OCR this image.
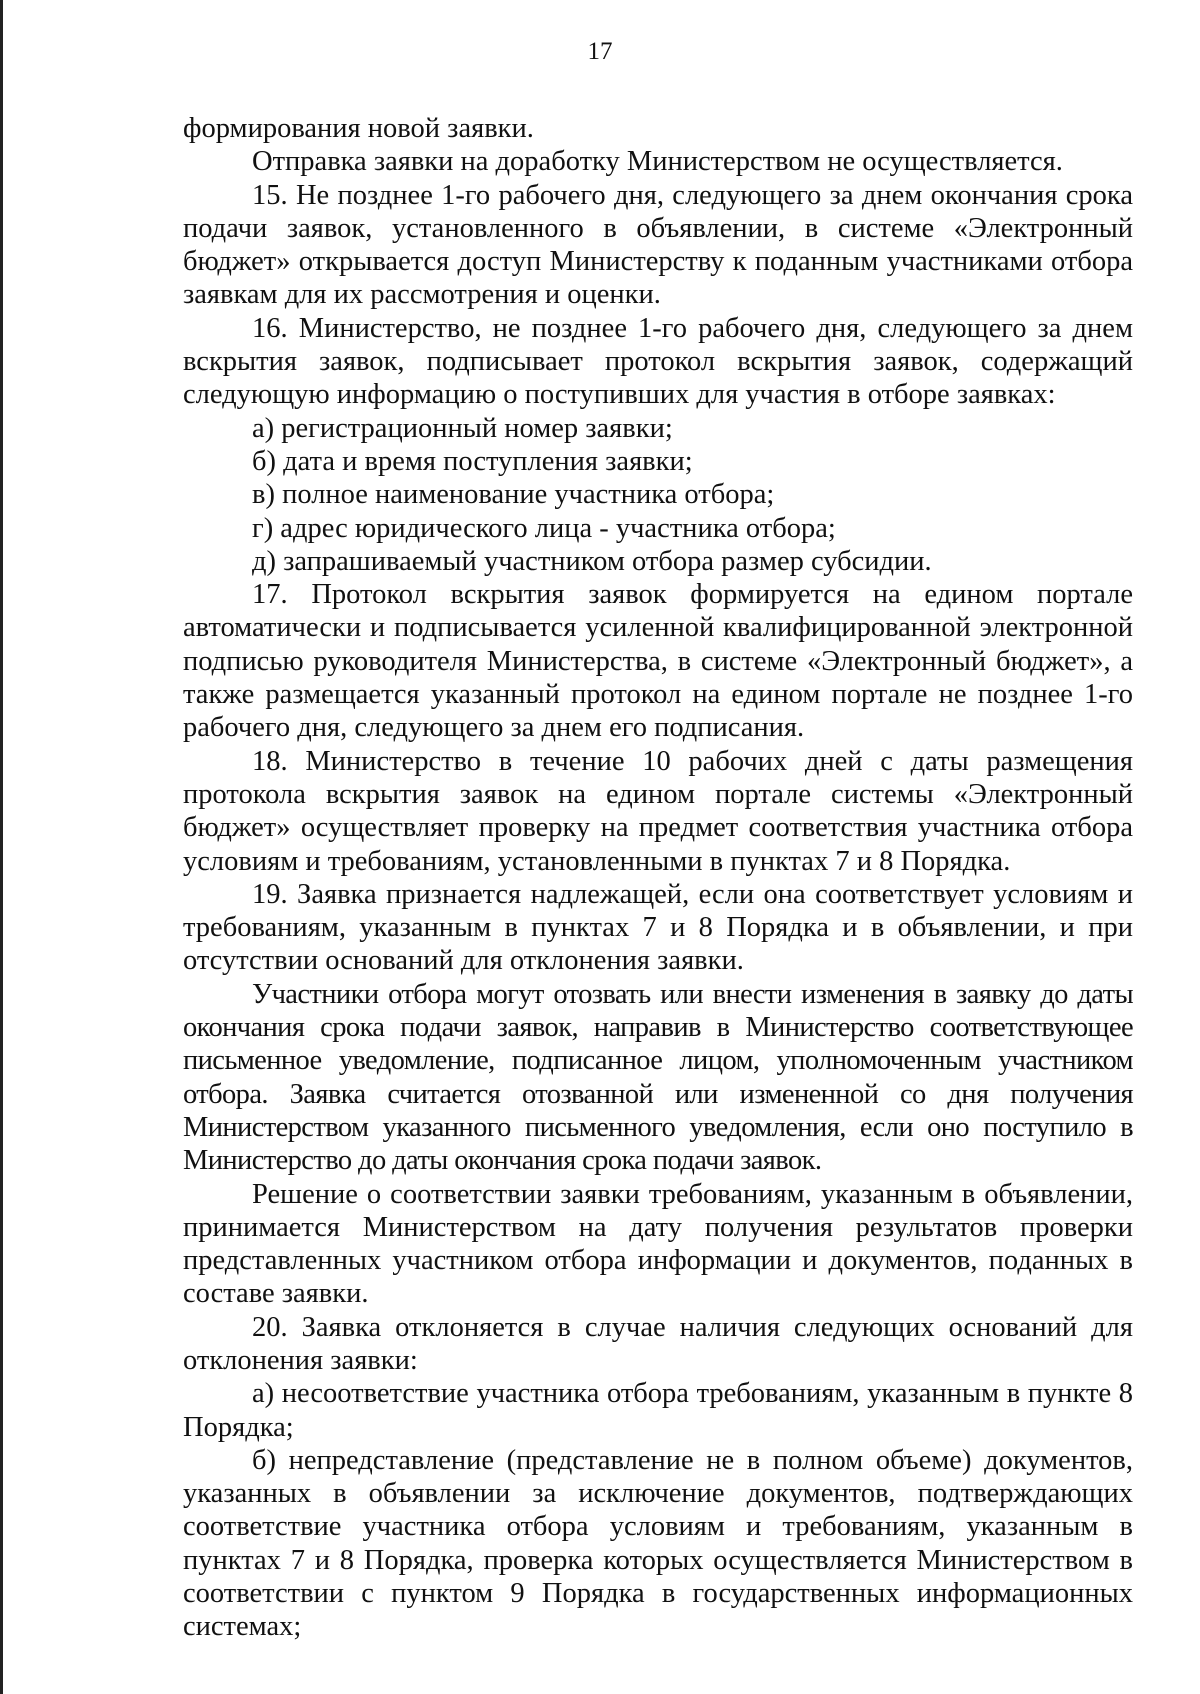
17

формирования новой заявки.

Отправка заявки на доработку Министерством не осуществляется.

15. Не позднее 1-го рабочего дня, следующего за днем окончания срока подачи заявок, установленного в объявлении, в системе «Электронный бюджет» открывается доступ Министерству к поданным участниками отбора заявкам для их рассмотрения и оценки.

16. Министерство, не позднее 1-го рабочего дня, следующего за днем вскрытия заявок, подписывает протокол вскрытия заявок, содержащий следующую информацию о поступивших для участия в отборе заявках:

а) регистрационный номер заявки;

б) дата и время поступления заявки;

в) полное наименование участника отбора;

г) адрес юридического лица - участника отбора;

д) запрашиваемый участником отбора размер субсидии.

17. Протокол вскрытия заявок формируется на едином портале автоматически и подписывается усиленной квалифицированной электронной подписью руководителя Министерства, в системе «Электронный бюджет», а также размещается указанный протокол на едином портале не позднее 1-го рабочего дня, следующего за днем его подписания.

18. Министерство в течение 10 рабочих дней с даты размещения протокола вскрытия заявок на едином портале системы «Электронный бюджет» осуществляет проверку на предмет соответствия участника отбора условиям и требованиям, установленными в пунктах 7 и 8 Порядка.

19. Заявка признается надлежащей, если она соответствует условиям и требованиям, указанным в пунктах 7 и 8 Порядка и в объявлении, и при отсутствии оснований для отклонения заявки.

Участники отбора могут отозвать или внести изменения в заявку до даты окончания срока подачи заявок, направив в Министерство соответствующее письменное уведомление, подписанное лицом, уполномоченным участником отбора. Заявка считается отозванной или измененной со дня получения Министерством указанного письменного уведомления, если оно поступило в Министерство до даты окончания срока подачи заявок.

Решение о соответствии заявки требованиям, указанным в объявлении, принимается Министерством на дату получения результатов проверки представленных участником отбора информации и документов, поданных в составе заявки.

20. Заявка отклоняется в случае наличия следующих оснований для отклонения заявки:

а) несоответствие участника отбора требованиям, указанным в пункте 8 Порядка;

б) непредставление (представление не в полном объеме) документов, указанных в объявлении за исключение документов, подтверждающих соответствие участника отбора условиям и требованиям, указанным в пунктах 7 и 8 Порядка, проверка которых осуществляется Министерством в соответствии с пунктом 9 Порядка в государственных информационных системах;
